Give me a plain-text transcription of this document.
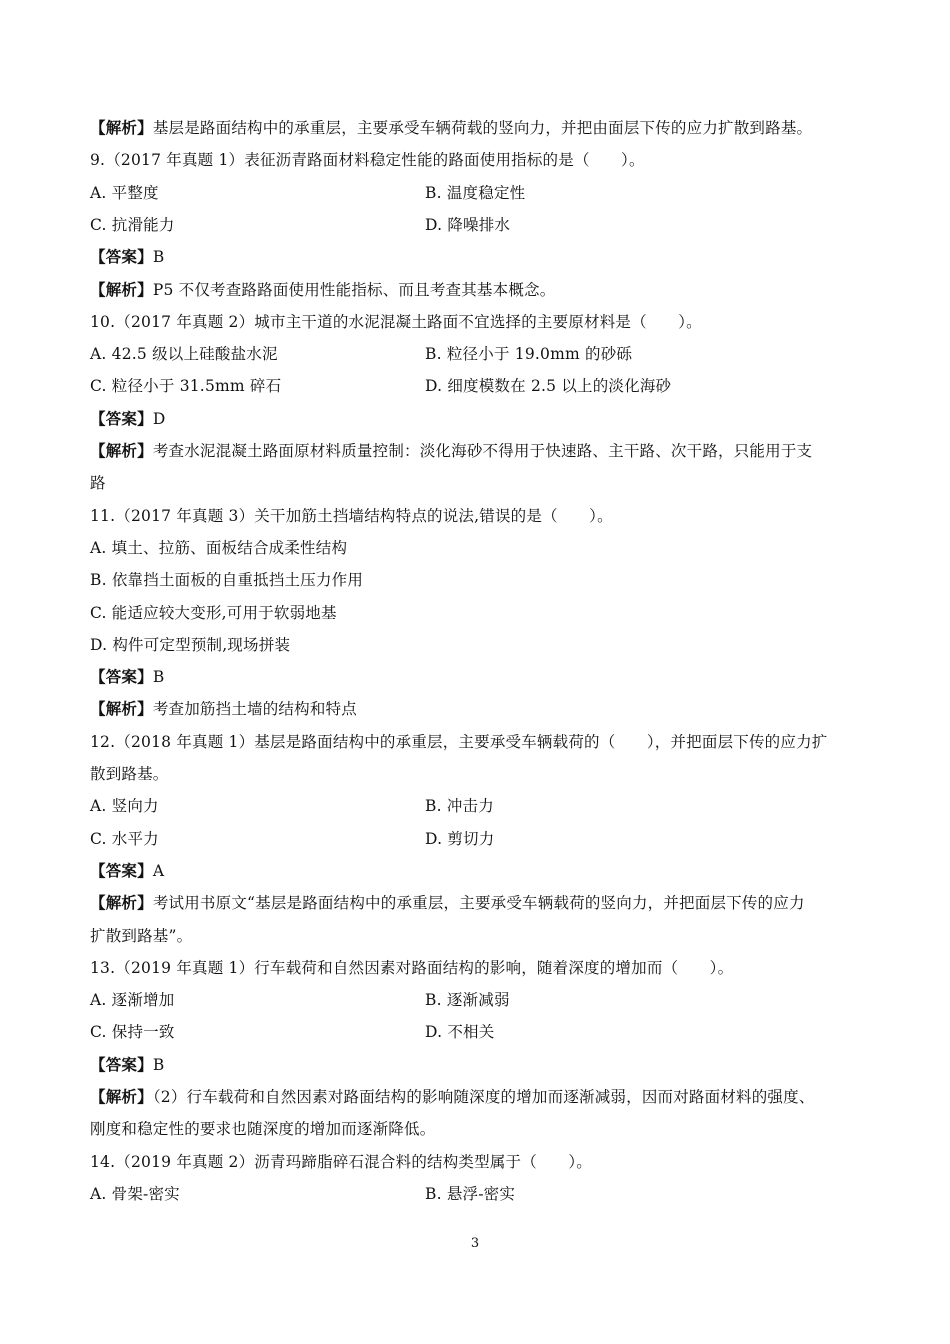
【解析】基层是路面结构中的承重层，主要承受车辆荷载的竖向力，并把由面层下传的应力扩散到路基。
9.（2017 年真题 1）表征沥青路面材料稳定性能的路面使用指标的是（　　）。
A. 平整度	B. 温度稳定性
C. 抗滑能力	D. 降噪排水
【答案】B
【解析】P5 不仅考查路路面使用性能指标、而且考查其基本概念。
10.（2017 年真题 2）城市主干道的水泥混凝土路面不宜选择的主要原材料是（　　）。
A. 42.5 级以上硅酸盐水泥	B. 粒径小于 19.0mm 的砂砾
C. 粒径小于 31.5mm 碎石	D. 细度模数在 2.5 以上的淡化海砂
【答案】D
【解析】考查水泥混凝土路面原材料质量控制：淡化海砂不得用于快速路、主干路、次干路，只能用于支
路
11.（2017 年真题 3）关干加筋土挡墙结构特点的说法,错误的是（　　）。
A. 填土、拉筋、面板结合成柔性结构
B. 依靠挡土面板的自重抵挡土压力作用
C. 能适应较大变形,可用于软弱地基
D. 构件可定型预制,现场拼装
【答案】B
【解析】考查加筋挡土墙的结构和特点
12.（2018 年真题 1）基层是路面结构中的承重层，主要承受车辆载荷的（　　），并把面层下传的应力扩
散到路基。
A. 竖向力	B. 冲击力
C. 水平力	D. 剪切力
【答案】A
【解析】考试用书原文“基层是路面结构中的承重层，主要承受车辆载荷的竖向力，并把面层下传的应力
扩散到路基”。
13.（2019 年真题 1）行车载荷和自然因素对路面结构的影响，随着深度的增加而（　　）。
A. 逐渐增加	B. 逐渐减弱
C. 保持一致	D. 不相关
【答案】B
【解析】（2）行车载荷和自然因素对路面结构的影响随深度的增加而逐渐减弱，因而对路面材料的强度、
刚度和稳定性的要求也随深度的增加而逐渐降低。
14.（2019 年真题 2）沥青玛蹄脂碎石混合料的结构类型属于（　　）。
A. 骨架-密实	B. 悬浮-密实
3
